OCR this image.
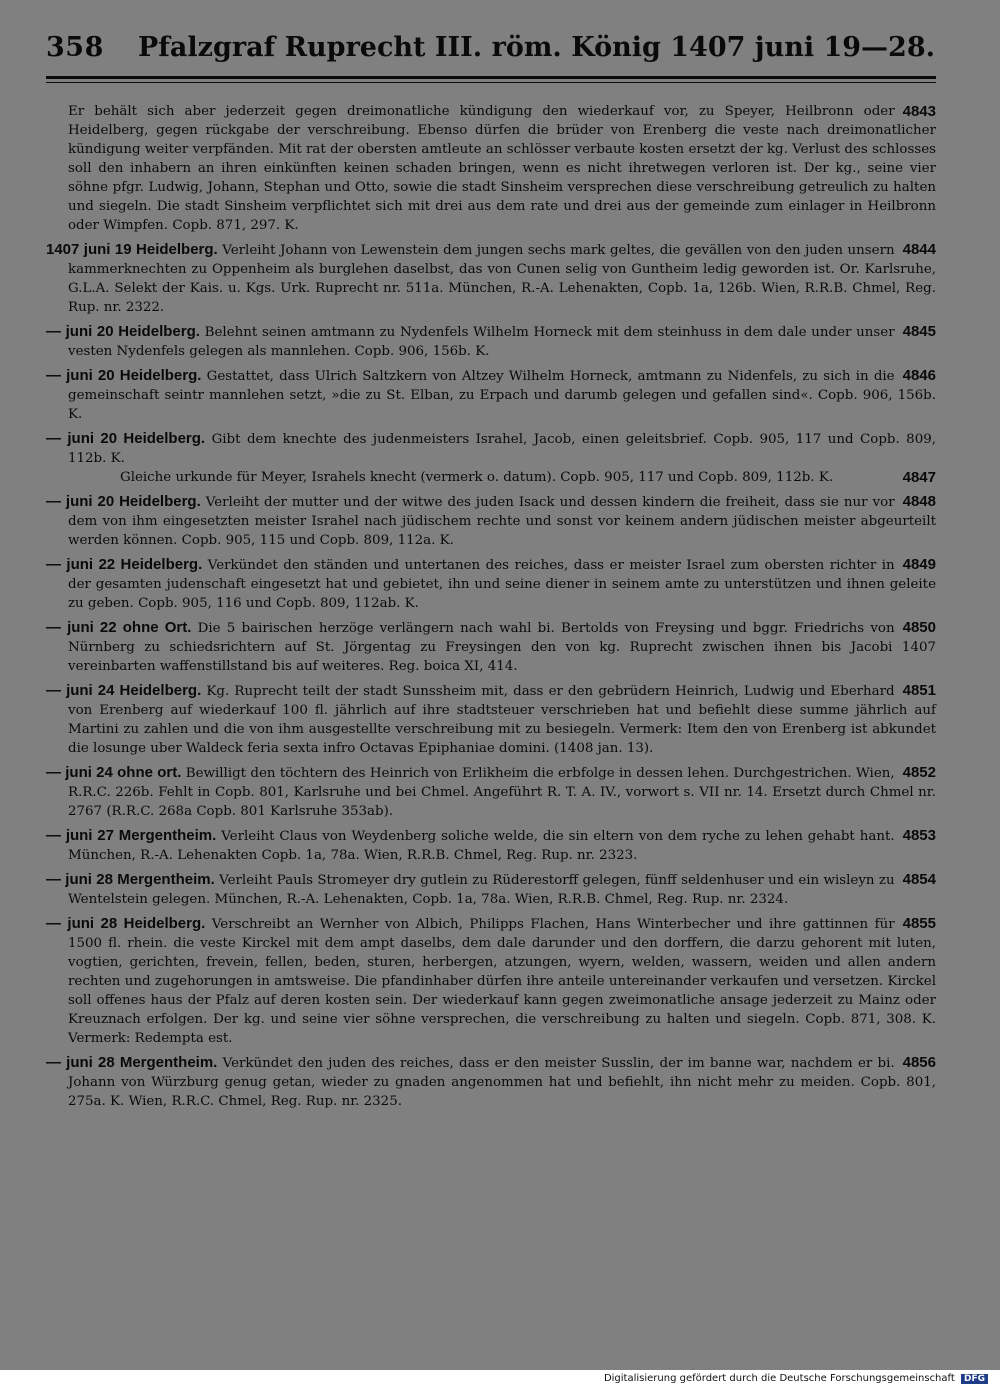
358 Pfalzgraf Ruprecht III. röm. König 1407 juni 19—28.
4843
Er behält sich aber jederzeit gegen dreimonatliche kündigung den wiederkauf vor, zu Speyer, Heilbronn oder Heidelberg, gegen rückgabe der verschreibung. Ebenso dürfen die brüder von Erenberg die veste nach dreimonatlicher kündigung weiter verpfänden. Mit rat der obersten amtleute an schlösser verbaute kosten ersetzt der kg. Verlust des schlosses soll den inhabern an ihren einkünften keinen schaden bringen, wenn es nicht ihretwegen verloren ist. Der kg., seine vier söhne pfgr. Ludwig, Johann, Stephan und Otto, sowie die stadt Sinsheim versprechen diese verschreibung getreulich zu halten und siegeln. Die stadt Sinsheim verpflichtet sich mit drei aus dem rate und drei aus der gemeinde zum einlager in Heilbronn oder Wimpfen. Copb. 871, 297. K.
4844
1407 juni 19 Heidelberg. Verleiht Johann von Lewenstein dem jungen sechs mark geltes, die gevällen von den juden unsern kammerknechten zu Oppenheim als burglehen daselbst, das von Cunen selig von Guntheim ledig geworden ist. Or. Karlsruhe, G.L.A. Selekt der Kais. u. Kgs. Urk. Ruprecht nr. 511a. München, R.-A. Lehenakten, Copb. 1a, 126b. Wien, R.R.B. Chmel, Reg. Rup. nr. 2322.
4845
— juni 20 Heidelberg. Belehnt seinen amtmann zu Nydenfels Wilhelm Horneck mit dem steinhuss in dem dale under unser vesten Nydenfels gelegen als mannlehen. Copb. 906, 156b. K.
4846
— juni 20 Heidelberg. Gestattet, dass Ulrich Saltzkern von Altzey Wilhelm Horneck, amtmann zu Nidenfels, zu sich in die gemeinschaft seintr mannlehen setzt, »die zu St. Elban, zu Erpach und darumb gelegen und gefallen sind«. Copb. 906, 156b. K.
— juni 20 Heidelberg. Gibt dem knechte des judenmeisters Israhel, Jacob, einen geleitsbrief. Copb. 905, 117 und Copb. 809, 112b. K.
4847
Gleiche urkunde für Meyer, Israhels knecht (vermerk o. datum). Copb. 905, 117 und Copb. 809, 112b. K.
4848
— juni 20 Heidelberg. Verleiht der mutter und der witwe des juden Isack und dessen kindern die freiheit, dass sie nur vor dem von ihm eingesetzten meister Israhel nach jüdischem rechte und sonst vor keinem andern jüdischen meister abgeurteilt werden können. Copb. 905, 115 und Copb. 809, 112a. K.
4849
— juni 22 Heidelberg. Verkündet den ständen und untertanen des reiches, dass er meister Israel zum obersten richter in der gesamten judenschaft eingesetzt hat und gebietet, ihn und seine diener in seinem amte zu unterstützen und ihnen geleite zu geben. Copb. 905, 116 und Copb. 809, 112ab. K.
4850
— juni 22 ohne Ort. Die 5 bairischen herzöge verlängern nach wahl bi. Bertolds von Freysing und bggr. Friedrichs von Nürnberg zu schiedsrichtern auf St. Jörgentag zu Freysingen den von kg. Ruprecht zwischen ihnen bis Jacobi 1407 vereinbarten waffenstillstand bis auf weiteres. Reg. boica XI, 414.
4851
— juni 24 Heidelberg. Kg. Ruprecht teilt der stadt Sunssheim mit, dass er den gebrüdern Heinrich, Ludwig und Eberhard von Erenberg auf wiederkauf 100 fl. jährlich auf ihre stadtsteuer verschrieben hat und befiehlt diese summe jährlich auf Martini zu zahlen und die von ihm ausgestellte verschreibung mit zu besiegeln. Vermerk: Item den von Erenberg ist abkundet die losunge uber Waldeck feria sexta infro Octavas Epiphaniae domini. (1408 jan. 13).
4852
— juni 24 ohne ort. Bewilligt den töchtern des Heinrich von Erlikheim die erbfolge in dessen lehen. Durchgestrichen. Wien, R.R.C. 226b. Fehlt in Copb. 801, Karlsruhe und bei Chmel. Angeführt R. T. A. IV., vorwort s. VII nr. 14. Ersetzt durch Chmel nr. 2767 (R.R.C. 268a Copb. 801 Karlsruhe 353ab).
4853
— juni 27 Mergentheim. Verleiht Claus von Weydenberg soliche welde, die sin eltern von dem ryche zu lehen gehabt hant. München, R.-A. Lehenakten Copb. 1a, 78a. Wien, R.R.B. Chmel, Reg. Rup. nr. 2323.
4854
— juni 28 Mergentheim. Verleiht Pauls Stromeyer dry gutlein zu Rüderestorff gelegen, fünff seldenhuser und ein wisleyn zu Wentelstein gelegen. München, R.-A. Lehenakten, Copb. 1a, 78a. Wien, R.R.B. Chmel, Reg. Rup. nr. 2324.
4855
— juni 28 Heidelberg. Verschreibt an Wernher von Albich, Philipps Flachen, Hans Winterbecher und ihre gattinnen für 1500 fl. rhein. die veste Kirckel mit dem ampt daselbs, dem dale darunder und den dorffern, die darzu gehorent mit luten, vogtien, gerichten, frevein, fellen, beden, sturen, herbergen, atzungen, wyern, welden, wassern, weiden und allen andern rechten und zugehorungen in amtsweise. Die pfandinhaber dürfen ihre anteile untereinander verkaufen und versetzen. Kirckel soll offenes haus der Pfalz auf deren kosten sein. Der wiederkauf kann gegen zweimonatliche ansage jederzeit zu Mainz oder Kreuznach erfolgen. Der kg. und seine vier söhne versprechen, die verschreibung zu halten und siegeln. Copb. 871, 308. K. Vermerk: Redempta est.
4856
— juni 28 Mergentheim. Verkündet den juden des reiches, dass er den meister Susslin, der im banne war, nachdem er bi. Johann von Würzburg genug getan, wieder zu gnaden angenommen hat und befiehlt, ihn nicht mehr zu meiden. Copb. 801, 275a. K. Wien, R.R.C. Chmel, Reg. Rup. nr. 2325.
Digitalisierung gefördert durch die Deutsche Forschungsgemeinschaft DFG
